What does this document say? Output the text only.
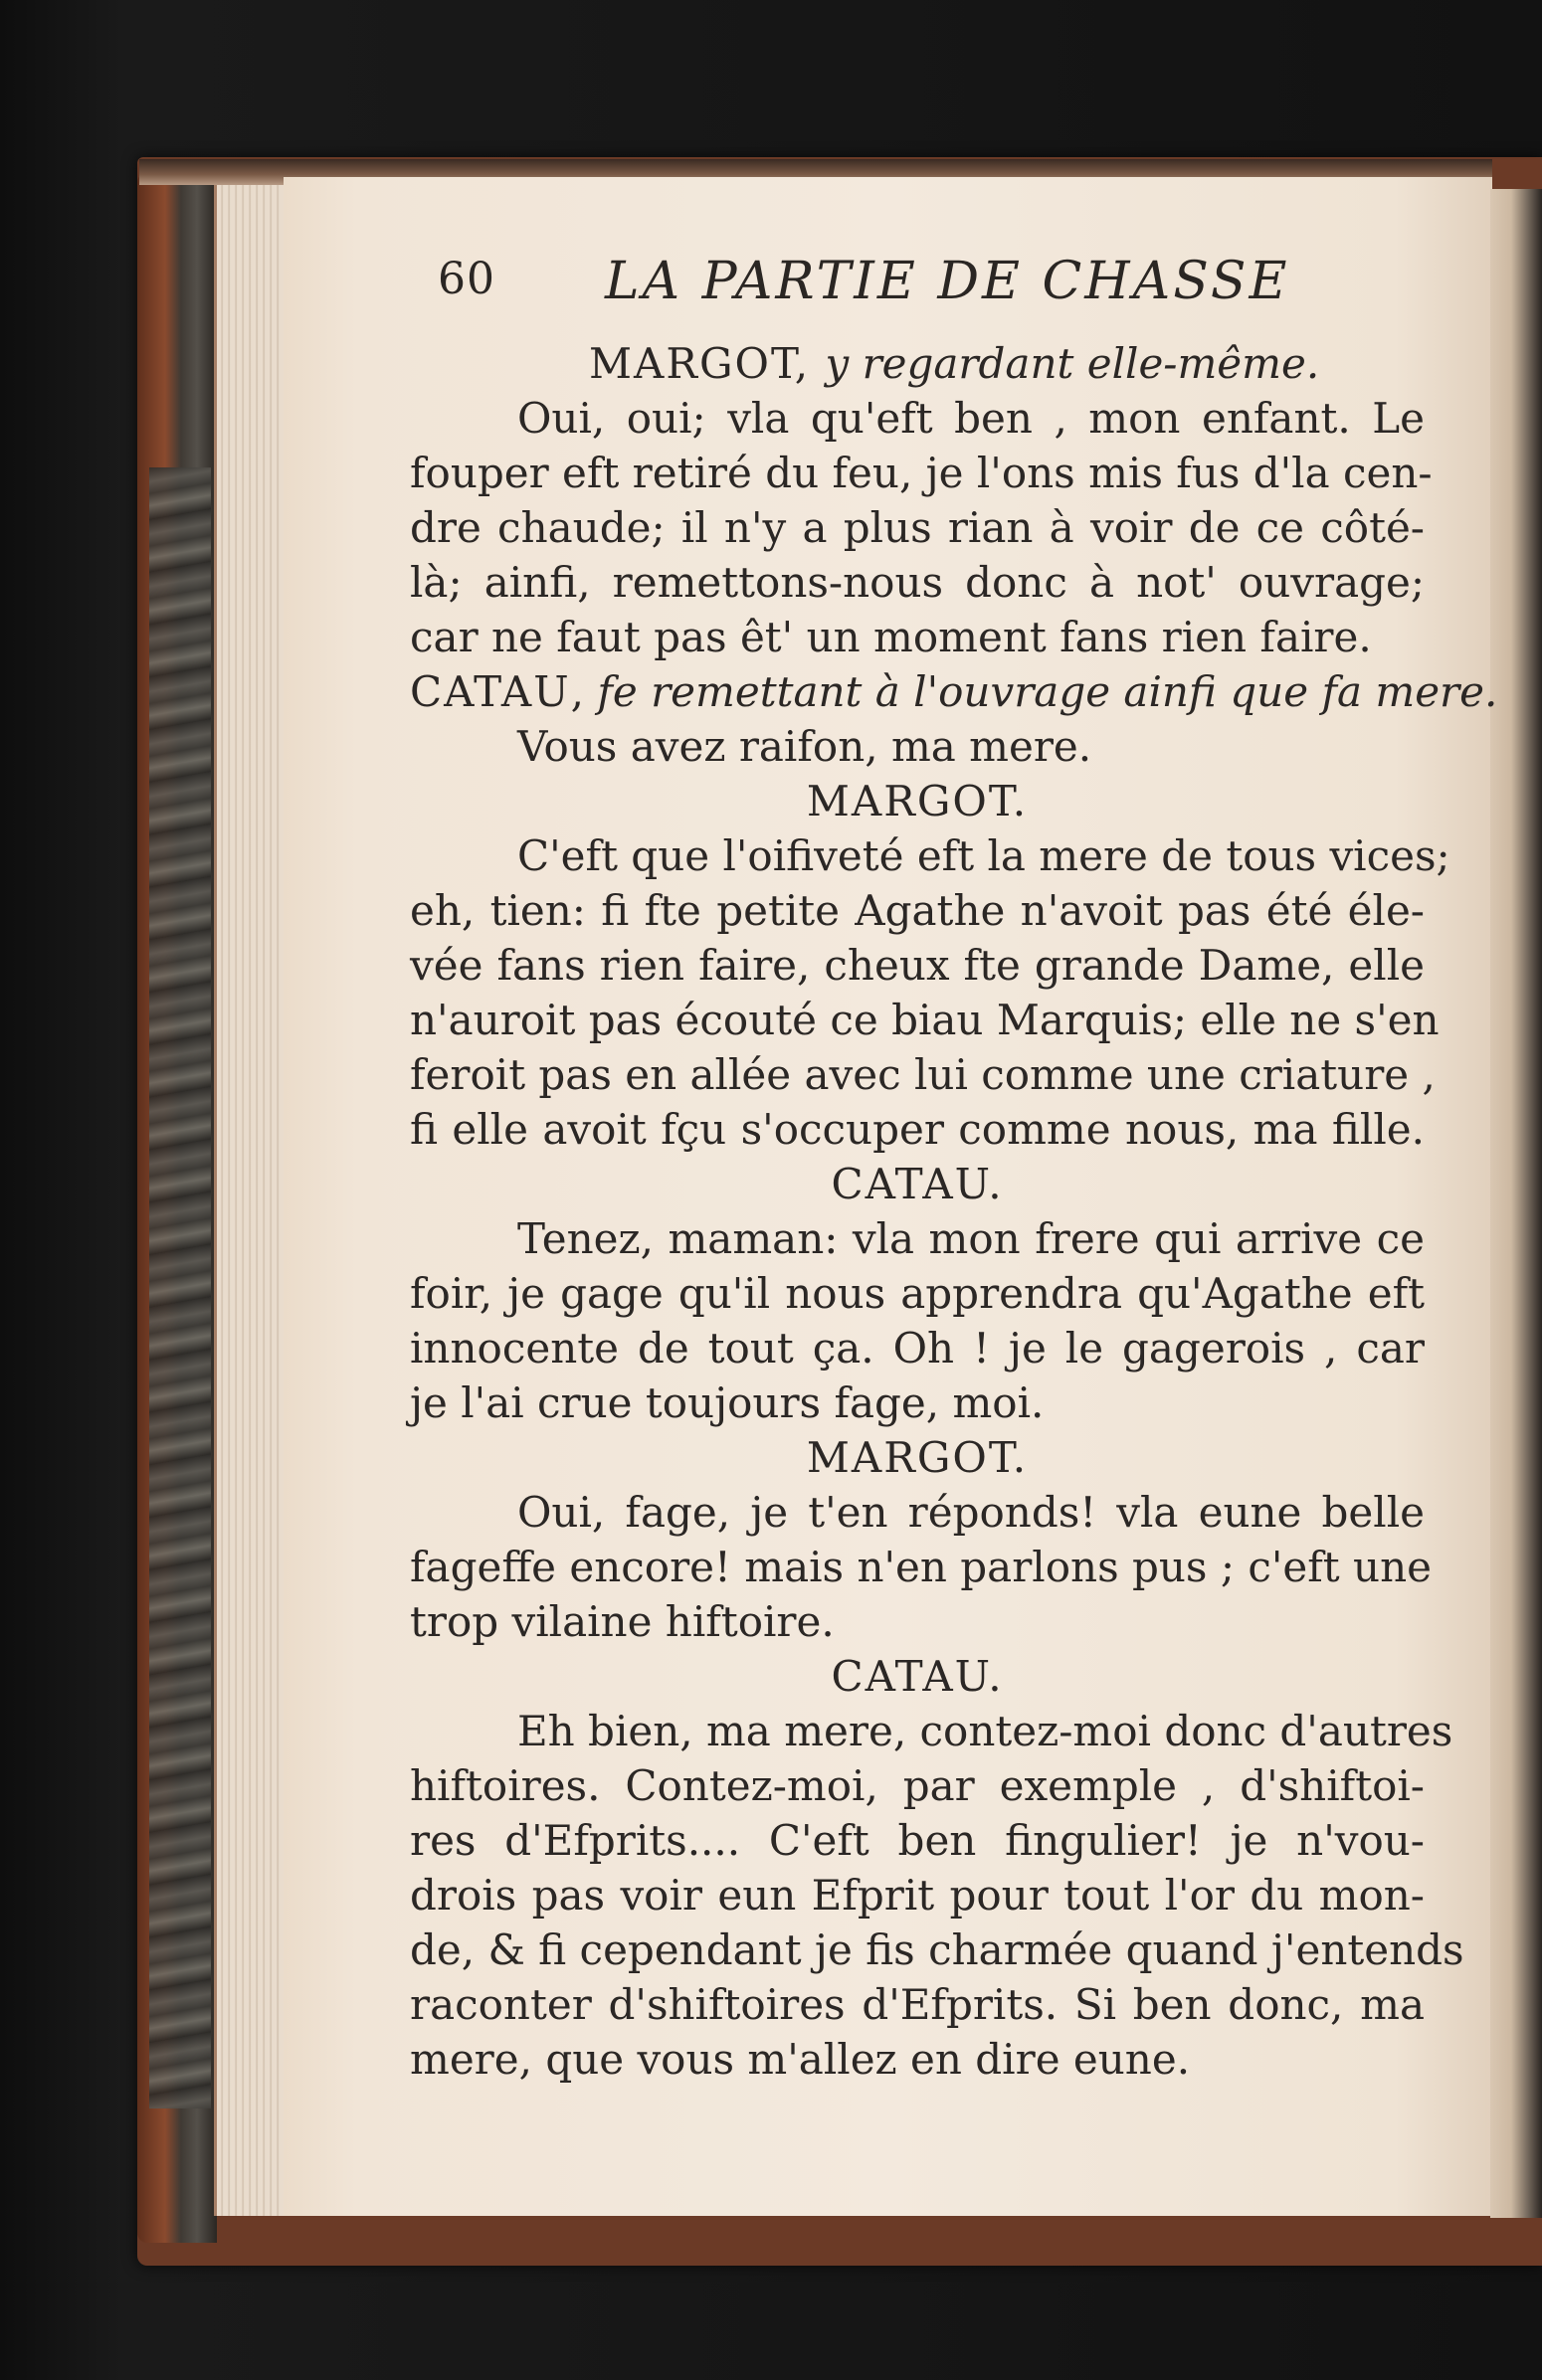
60 LA PARTIE DE CHASSE
MARGOT, y regardant elle-même.
Oui, oui; vla qu'eft ben , mon enfant. Le
fouper eft retiré du feu, je l'ons mis fus d'la cen-
dre chaude; il n'y a plus rian à voir de ce côté-
là; ainfi, remettons-nous donc à not' ouvrage;
car ne faut pas êt' un moment fans rien faire.
CATAU, fe remettant à l'ouvrage ainfi que fa mere.
Vous avez raifon, ma mere.
MARGOT.
C'eft que l'oifiveté eft la mere de tous vices;
eh, tien: fi fte petite Agathe n'avoit pas été éle-
vée fans rien faire, cheux fte grande Dame, elle
n'auroit pas écouté ce biau Marquis; elle ne s'en
feroit pas en allée avec lui comme une criature ,
fi elle avoit fçu s'occuper comme nous, ma fille.
CATAU.
Tenez, maman: vla mon frere qui arrive ce
foir, je gage qu'il nous apprendra qu'Agathe eft
innocente de tout ça. Oh ! je le gagerois , car
je l'ai crue toujours fage, moi.
MARGOT.
Oui, fage, je t'en réponds! vla eune belle
fageffe encore! mais n'en parlons pus ; c'eft une
trop vilaine hiftoire.
CATAU.
Eh bien, ma mere, contez-moi donc d'autres
hiftoires. Contez-moi, par exemple , d'shiftoi-
res d'Efprits.... C'eft ben fingulier! je n'vou-
drois pas voir eun Efprit pour tout l'or du mon-
de, & fi cependant je fis charmée quand j'entends
raconter d'shiftoires d'Efprits. Si ben donc, ma
mere, que vous m'allez en dire eune.
